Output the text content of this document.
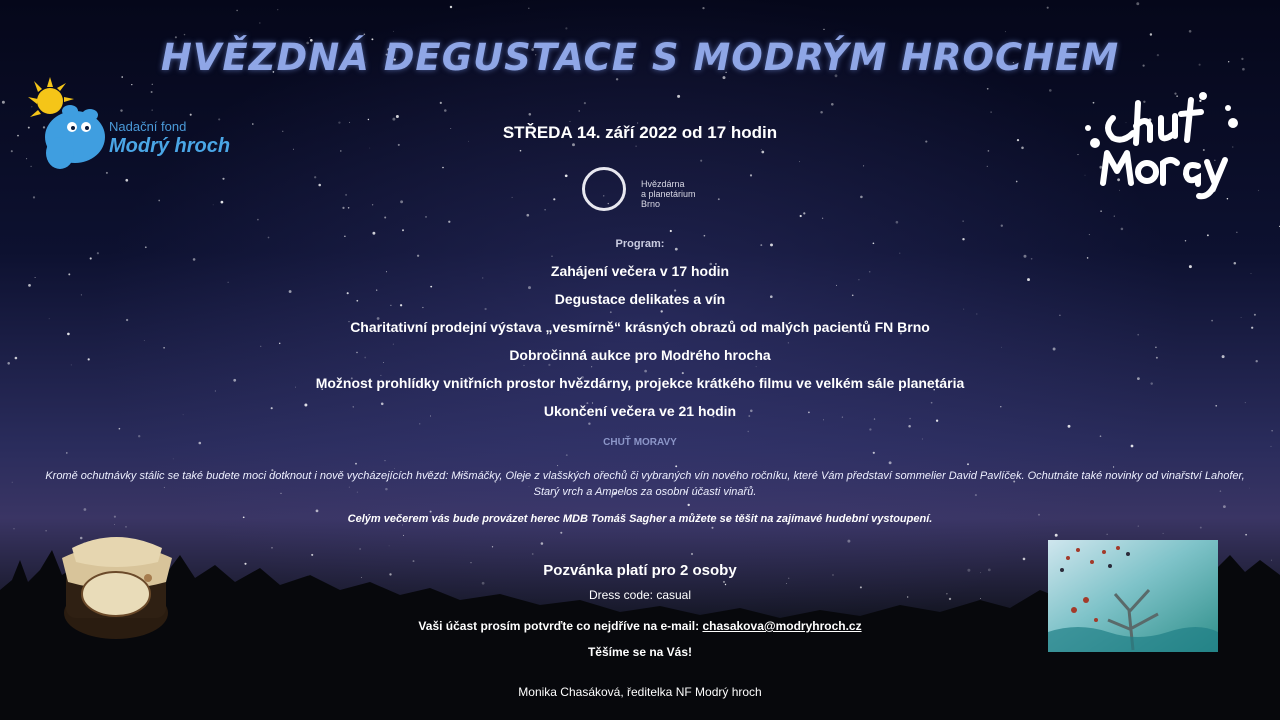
Nadační fond
Modrý hroch
HVĚZDNÁ DEGUSTACE S MODRÝM HROCHEM
STŘEDA 14. září 2022 od 17 hodin
Hvězdárna
a planetárium
Brno
Program:
Zahájení večera v 17 hodin
Degustace delikates a vín
Charitativní prodejní výstava „vesmírně“ krásných obrazů od malých pacientů FN Brno
Dobročinná aukce pro Modrého hrocha
Možnost prohlídky vnitřních prostor hvězdárny, projekce krátkého filmu ve velkém sále planetária
Ukončení večera ve 21 hodin
CHUŤ MORAVY
Kromě ochutnávky stálic se také budete moci dotknout i nově vycházejících hvězd: Mišmáčky, Oleje z vlašských ořechů či vybraných vín nového ročníku, které Vám představí sommelier David Pavlíček. Ochutnáte také novinky od vinařství Lahofer, Starý vrch a Ampelos za osobní účasti vinařů.
Celým večerem vás bude provázet herec MDB Tomáš Sagher a můžete se těšit na zajímavé hudební vystoupení.
Pozvánka platí pro 2 osoby
Dress code: casual
Vaši účast prosím potvrďte co nejdříve na e-mail: chasakova@modryhroch.cz
Těšíme se na Vás!
Monika Chasáková, ředitelka NF Modrý hroch
